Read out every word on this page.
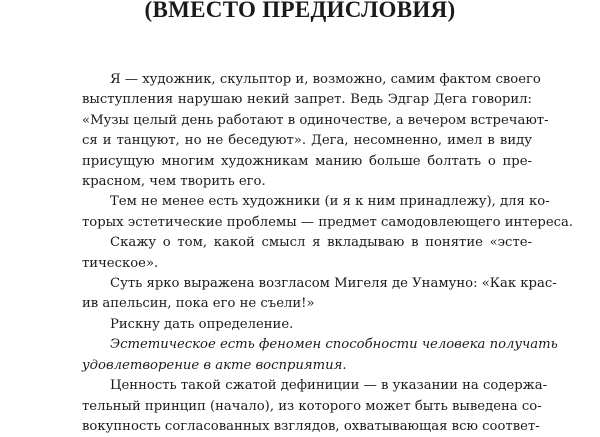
(ВМЕСТО ПРЕДИСЛОВИЯ)

Я — художник, скульптор и, возможно, самим фактом своего
выступления нарушаю некий запрет. Ведь Эдгар Дега говорил:
«Музы целый день работают в одиночестве, а вечером встречают-
ся и танцуют, но не беседуют». Дега, несомненно, имел в виду
присущую многим художникам манию больше болтать о пре-
красном, чем творить его.

Тем не менее есть художники (и я к ним принадлежу), для ко-
торых эстетические проблемы — предмет самодовлеющего интереса.

Скажу о том, какой смысл я вкладываю в понятие «эсте-
тическое».

Суть ярко выражена возгласом Мигеля де Унамуно: «Как крас-
ив апельсин, пока его не съели!»

Рискну дать определение.

Эстетическое есть феномен способности человека получать
удовлетворение в акте восприятия.

Ценность такой сжатой дефиниции — в указании на содержа-
тельный принцип (начало), из которого может быть выведена со-
вокупность согласованных взглядов, охватывающая всю соответ-
